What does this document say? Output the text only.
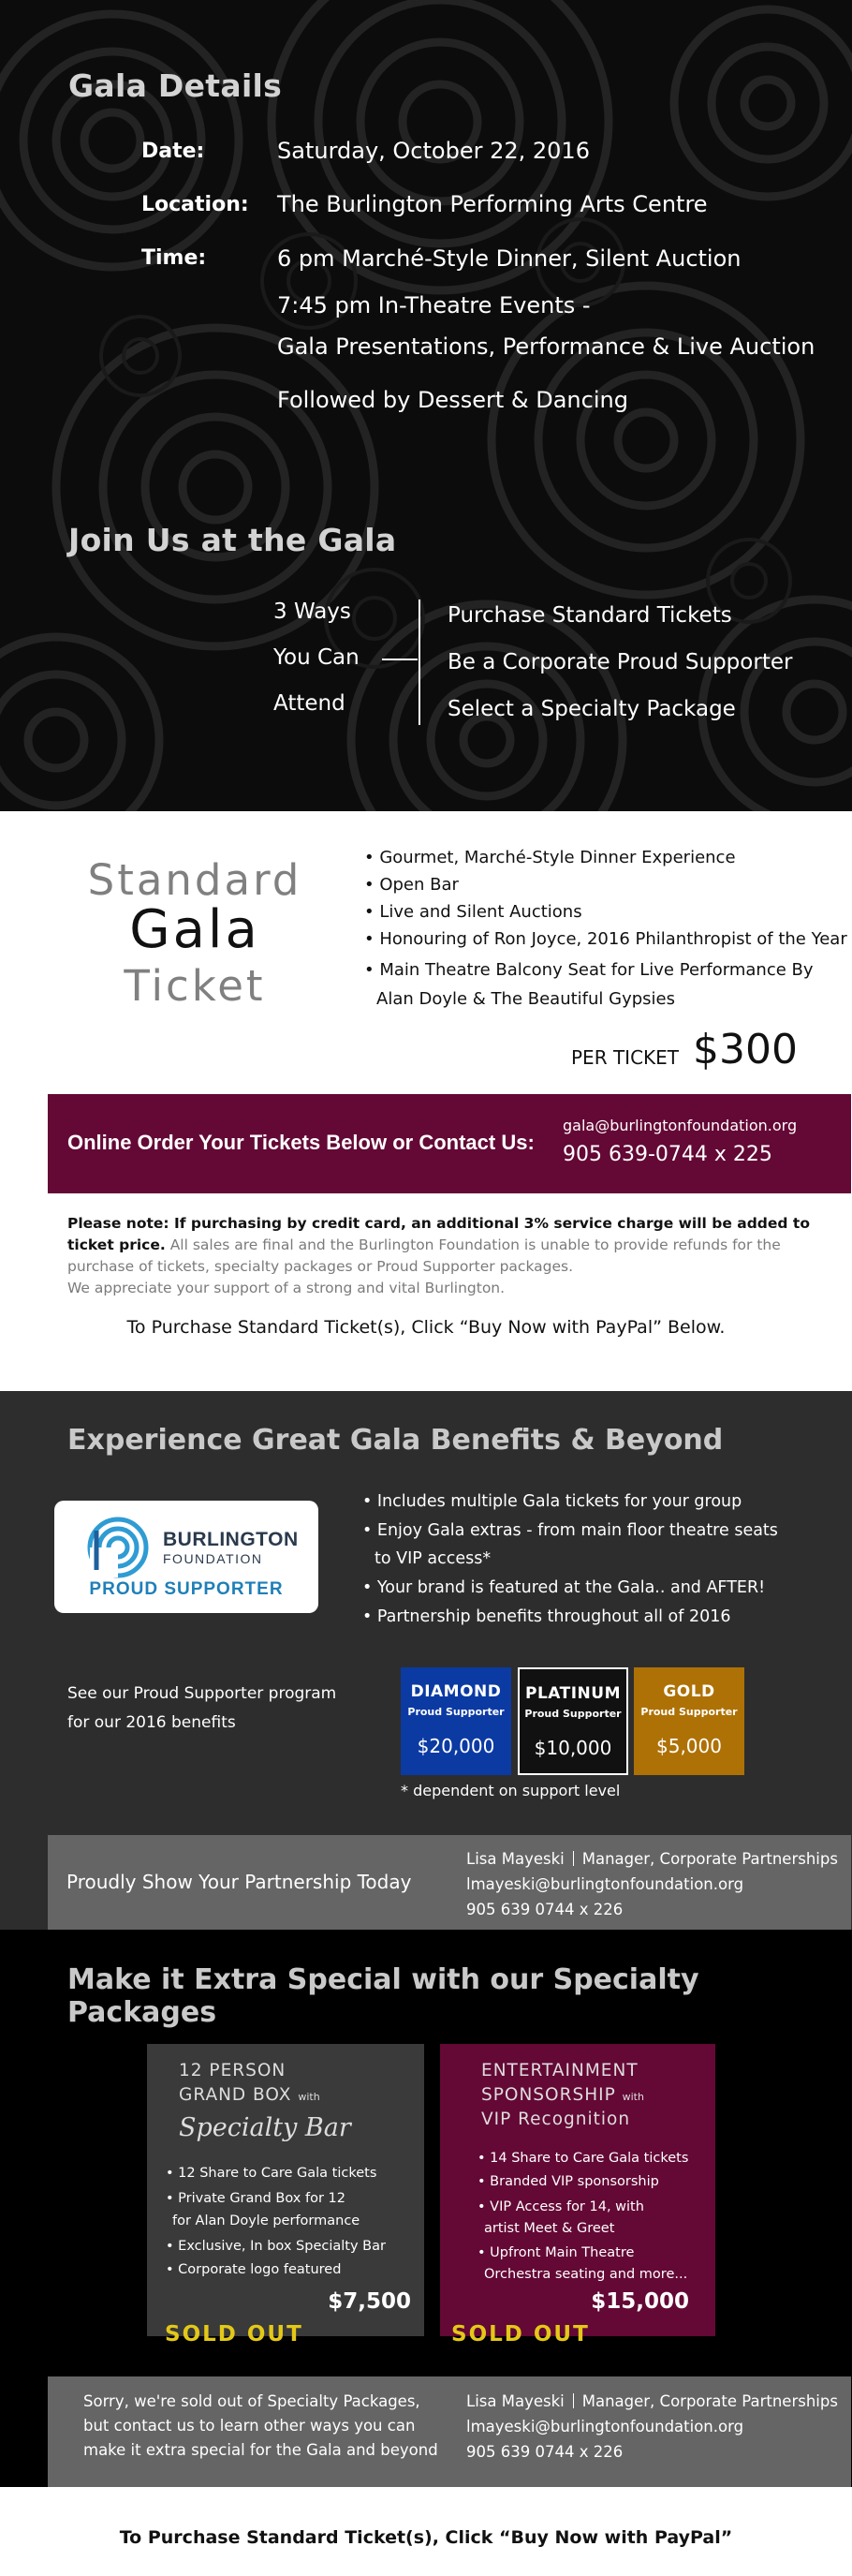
Gala Details
Date:	Saturday, October 22, 2016
Location: The Burlington Performing Arts Centre
Time:	6 pm Marché-Style Dinner, Silent Auction
7:45 pm In-Theatre Events -
Gala Presentations, Performance & Live Auction
Followed by Dessert & Dancing
Join Us at the Gala
3 Ways
You Can
Attend
Purchase Standard Tickets
Be a Corporate Proud Supporter
Select a Specialty Package
Standard
Gala
Ticket
• Gourmet, Marché-Style Dinner Experience
• Open Bar
• Live and Silent Auctions
• Honouring of Ron Joyce, 2016 Philanthropist of the Year
• Main Theatre Balcony Seat for Live Performance By
Alan Doyle & The Beautiful Gypsies
PER TICKET $300
Online Order Your Tickets Below or Contact Us:
gala@burlingtonfoundation.org
905 639-0744 x 225
Please note: If purchasing by credit card, an additional 3% service charge will be added to ticket price. All sales are final and the Burlington Foundation is unable to provide refunds for the purchase of tickets, specialty packages or Proud Supporter packages.
We appreciate your support of a strong and vital Burlington.
To Purchase Standard Ticket(s), Click “Buy Now with PayPal” Below.
Experience Great Gala Benefits & Beyond
BURLINGTON
FOUNDATION
PROUD SUPPORTER
• Includes multiple Gala tickets for your group
• Enjoy Gala extras - from main floor theatre seats
to VIP access*
• Your brand is featured at the Gala.. and AFTER!
• Partnership benefits throughout all of 2016
See our Proud Supporter program
for our 2016 benefits
DIAMOND
Proud Supporter
$20,000
PLATINUM
Proud Supporter
$10,000
GOLD
Proud Supporter
$5,000
* dependent on support level
Proudly Show Your Partnership Today
Lisa Mayeski Manager, Corporate Partnerships
lmayeski@burlingtonfoundation.org
905 639 0744 x 226
Make it Extra Special with our Specialty Packages
12 PERSON
GRAND BOX with
Specialty Bar
• 12 Share to Care Gala tickets
• Private Grand Box for 12
for Alan Doyle performance
• Exclusive, In box Specialty Bar
• Corporate logo featured
$7,500
SOLD OUT
ENTERTAINMENT
SPONSORSHIP with
VIP Recognition
• 14 Share to Care Gala tickets
• Branded VIP sponsorship
• VIP Access for 14, with
artist Meet & Greet
• Upfront Main Theatre
Orchestra seating and more...
$15,000
SOLD OUT
Sorry, we're sold out of Specialty Packages,
but contact us to learn other ways you can
make it extra special for the Gala and beyond
Lisa Mayeski Manager, Corporate Partnerships
lmayeski@burlingtonfoundation.org
905 639 0744 x 226
To Purchase Standard Ticket(s), Click “Buy Now with PayPal”
